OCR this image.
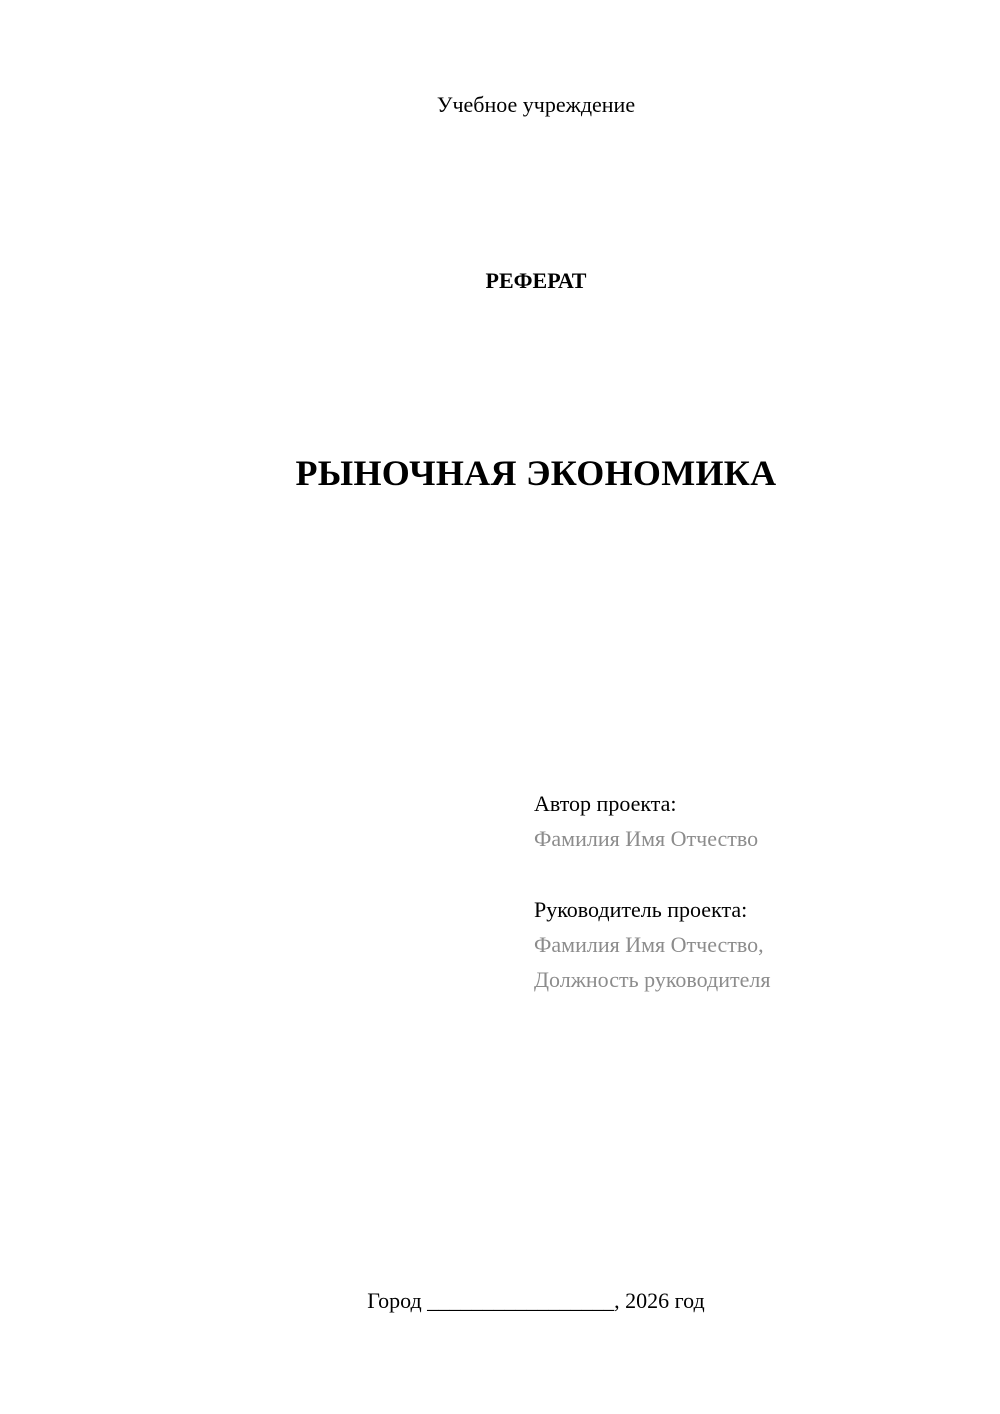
Учебное учреждение
РЕФЕРАТ
РЫНОЧНАЯ ЭКОНОМИКА
Автор проекта:
Фамилия Имя Отчество
Руководитель проекта:
Фамилия Имя Отчество,
Должность руководителя
Город _________________, 2026 год
